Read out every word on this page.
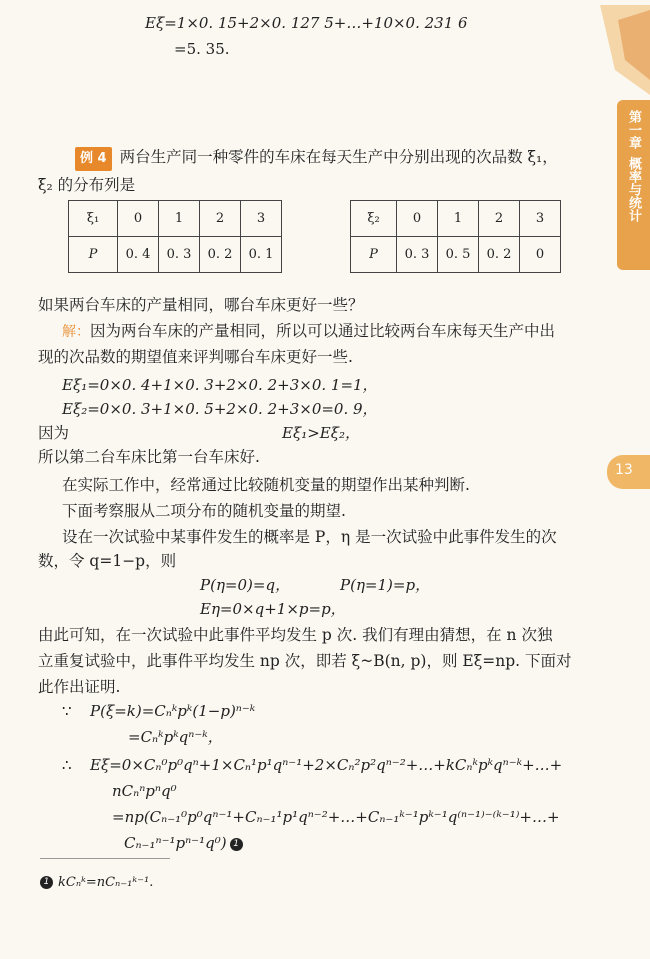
第一章
概率与统计
13
Eξ=1×0. 15+2×0. 127 5+…+10×0. 231 6
=5. 35.
例 4 两台生产同一种零件的车床在每天生产中分别出现的次品数 ξ₁，
ξ₂ 的分布列是
ξ₁	0	1	2	3
P	0. 4	0. 3	0. 2	0. 1
ξ₂	0	1	2	3
P	0. 3	0. 5	0. 2	0
如果两台车床的产量相同，哪台车床更好一些？
解：因为两台车床的产量相同，所以可以通过比较两台车床每天生产中出
现的次品数的期望值来评判哪台车床更好一些.
Eξ₁=0×0. 4+1×0. 3+2×0. 2+3×0. 1=1，
Eξ₂=0×0. 3+1×0. 5+2×0. 2+3×0=0. 9，
因为	Eξ₁>Eξ₂，
所以第二台车床比第一台车床好.
在实际工作中，经常通过比较随机变量的期望作出某种判断.
下面考察服从二项分布的随机变量的期望.
设在一次试验中某事件发生的概率是 P，η 是一次试验中此事件发生的次
数，令 q=1−p，则
P(η=0)=q，	P(η=1)=p，
Eη=0×q+1×p=p，
由此可知，在一次试验中此事件平均发生 p 次. 我们有理由猜想，在 n 次独
立重复试验中，此事件平均发生 np 次，即若 ξ~B(n, p)，则 Eξ=np. 下面对
此作出证明.
∵ P(ξ=k)=Cₙᵏpᵏ(1−p)ⁿ⁻ᵏ
=Cₙᵏpᵏqⁿ⁻ᵏ，
∴ Eξ=0×Cₙ⁰p⁰qⁿ+1×Cₙ¹p¹qⁿ⁻¹+2×Cₙ²p²qⁿ⁻²+…+kCₙᵏpᵏqⁿ⁻ᵏ+…+
nCₙⁿpⁿq⁰
=np(Cₙ₋₁⁰p⁰qⁿ⁻¹+Cₙ₋₁¹p¹qⁿ⁻²+…+Cₙ₋₁ᵏ⁻¹pᵏ⁻¹q⁽ⁿ⁻¹⁾⁻⁽ᵏ⁻¹⁾+…+
Cₙ₋₁ⁿ⁻¹pⁿ⁻¹q⁰) 1
1 kCₙᵏ=nCₙ₋₁ᵏ⁻¹.
